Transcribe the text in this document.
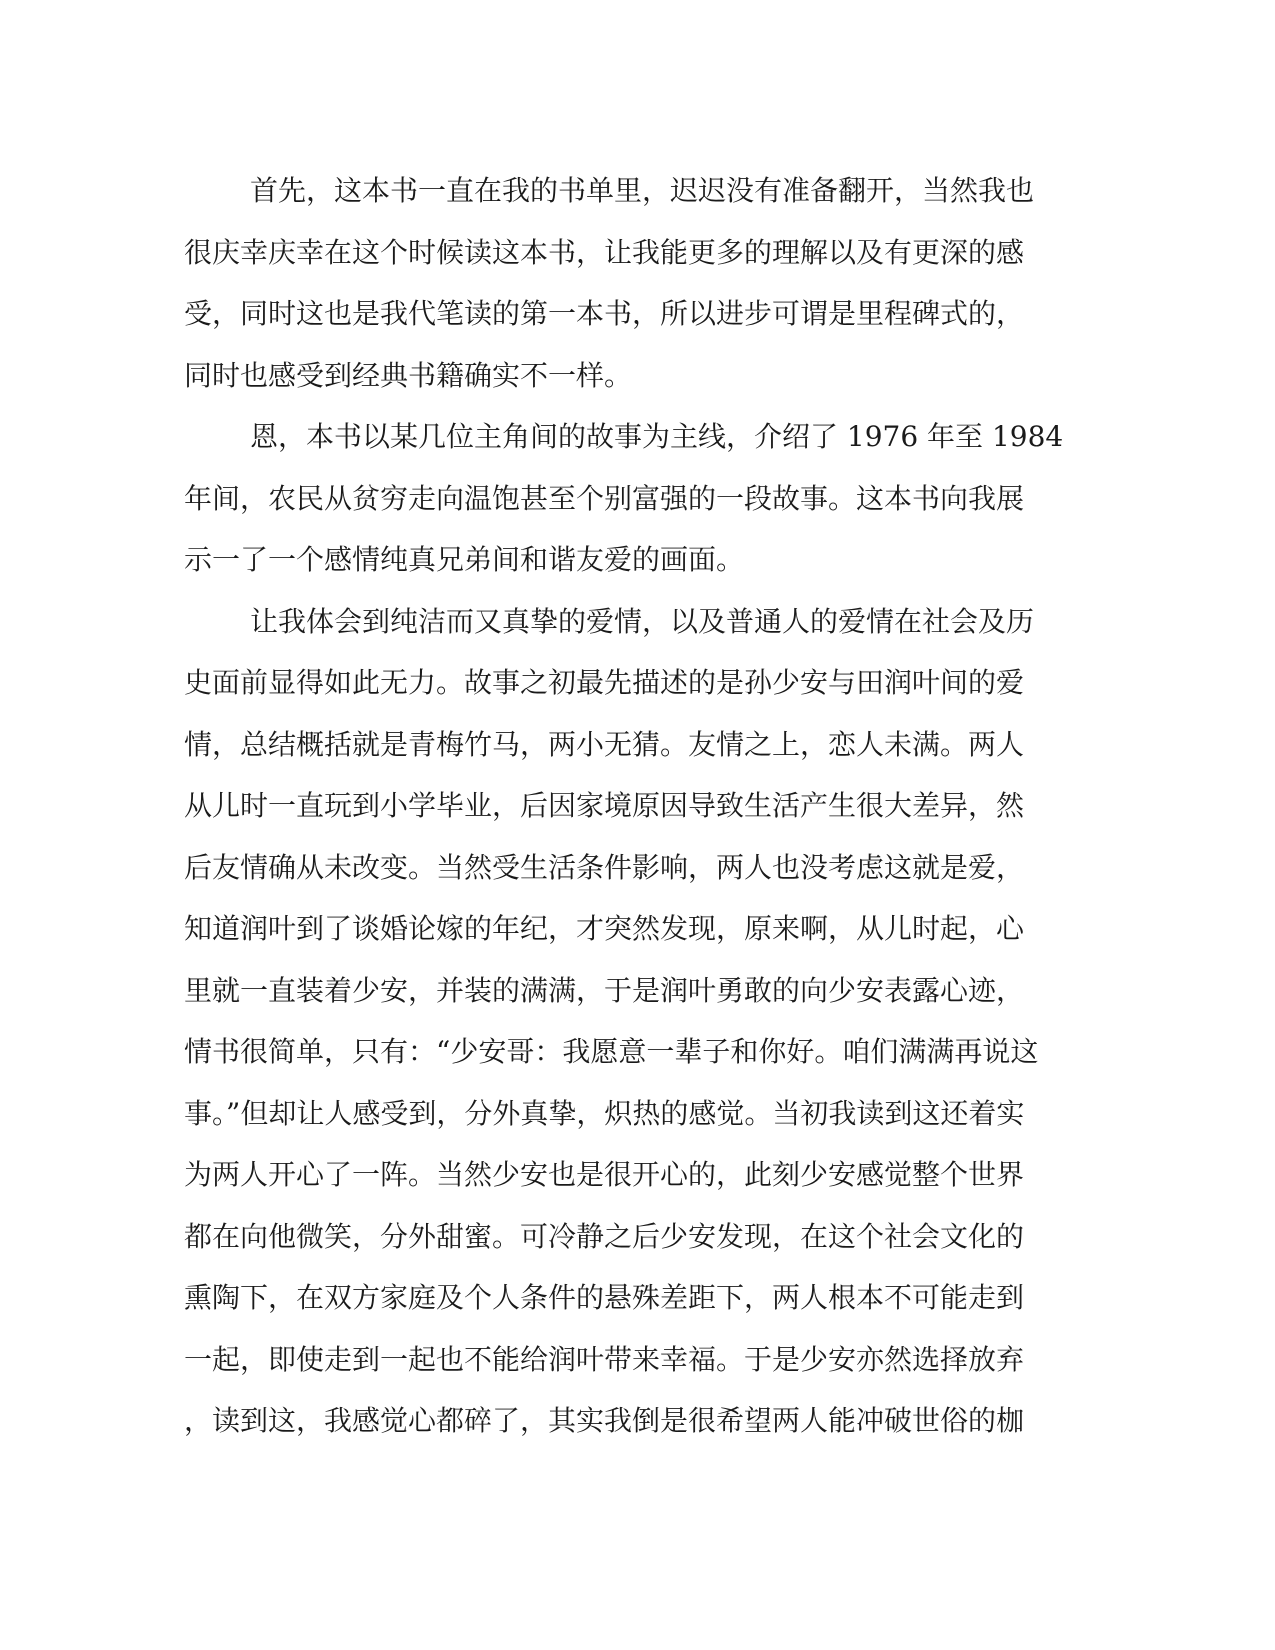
首先，这本书一直在我的书单里，迟迟没有准备翻开，当然我也
很庆幸庆幸在这个时候读这本书，让我能更多的理解以及有更深的感
受，同时这也是我代笔读的第一本书，所以进步可谓是里程碑式的，
同时也感受到经典书籍确实不一样。
恩，本书以某几位主角间的故事为主线，介绍了 1976 年至 1984
年间，农民从贫穷走向温饱甚至个别富强的一段故事。这本书向我展
示一了一个感情纯真兄弟间和谐友爱的画面。
让我体会到纯洁而又真挚的爱情，以及普通人的爱情在社会及历
史面前显得如此无力。故事之初最先描述的是孙少安与田润叶间的爱
情，总结概括就是青梅竹马，两小无猜。友情之上，恋人未满。两人
从儿时一直玩到小学毕业，后因家境原因导致生活产生很大差异，然
后友情确从未改变。当然受生活条件影响，两人也没考虑这就是爱，
知道润叶到了谈婚论嫁的年纪，才突然发现，原来啊，从儿时起，心
里就一直装着少安，并装的满满，于是润叶勇敢的向少安表露心迹，
情书很简单，只有：“少安哥：我愿意一辈子和你好。咱们满满再说这
事。”但却让人感受到，分外真挚，炽热的感觉。当初我读到这还着实
为两人开心了一阵。当然少安也是很开心的，此刻少安感觉整个世界
都在向他微笑，分外甜蜜。可冷静之后少安发现，在这个社会文化的
熏陶下，在双方家庭及个人条件的悬殊差距下，两人根本不可能走到
一起，即使走到一起也不能给润叶带来幸福。于是少安亦然选择放弃
，读到这，我感觉心都碎了，其实我倒是很希望两人能冲破世俗的枷
